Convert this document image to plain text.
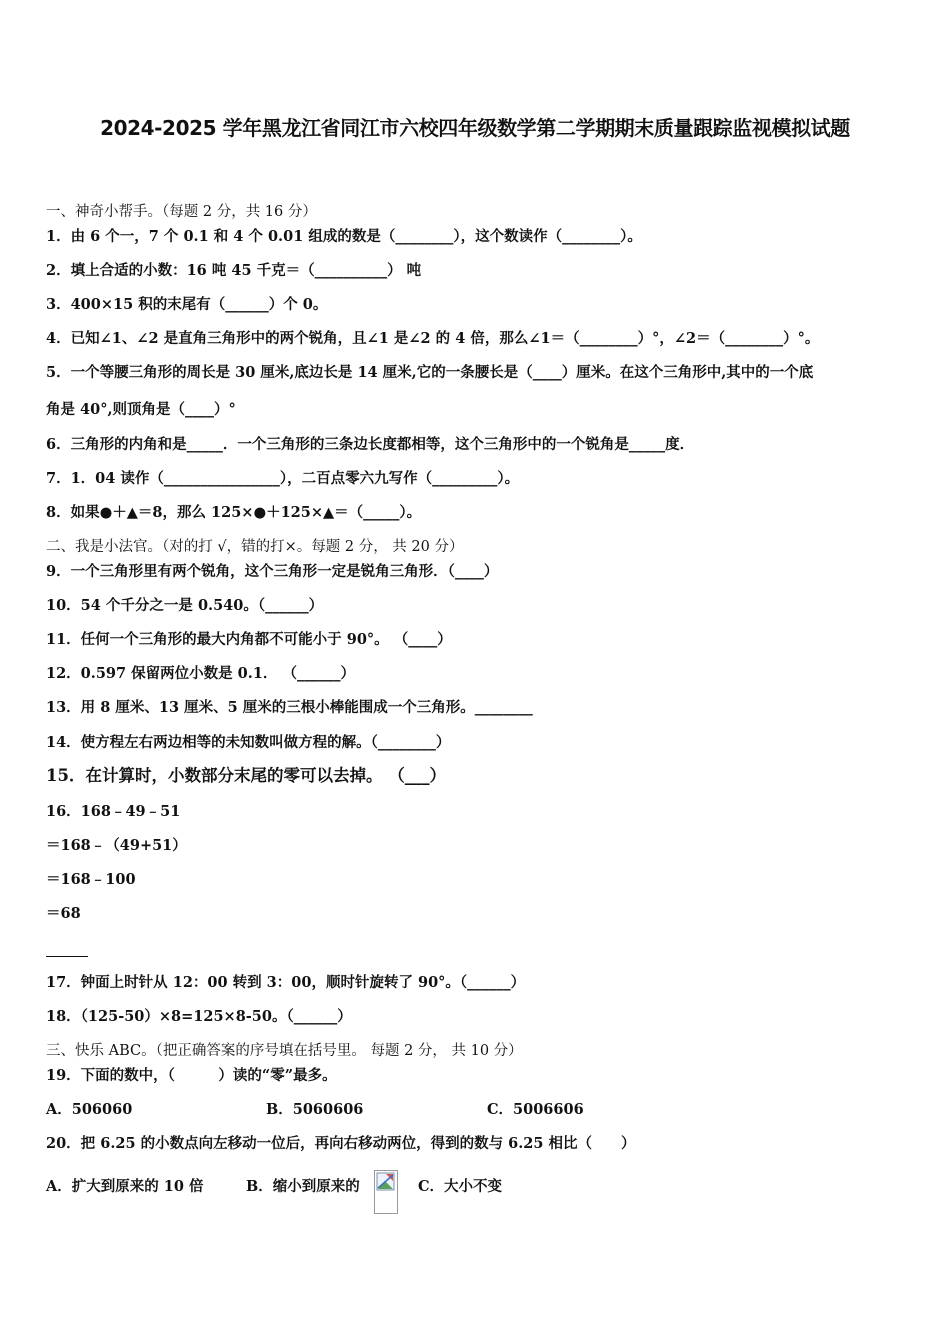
2024-2025 学年黑龙江省同江市六校四年级数学第二学期期末质量跟踪监视模拟试题
一、神奇小帮手。（每题 2 分，共 16 分）
1．由 6 个一，7 个 0.1 和 4 个 0.01 组成的数是（________），这个数读作（________）。
2．填上合适的小数：16 吨 45 千克＝（__________） 吨
3．400×15 积的末尾有（______）个 0。
4．已知∠1、∠2 是直角三角形中的两个锐角，且∠1 是∠2 的 4 倍，那么∠1＝（________）°，∠2＝（________）°。
5．一个等腰三角形的周长是 30 厘米,底边长是 14 厘米,它的一条腰长是（____）厘米。在这个三角形中,其中的一个底
角是 40°,则顶角是（____）°
6．三角形的内角和是_____．一个三角形的三条边长度都相等，这个三角形中的一个锐角是_____度．
7．1．04 读作（________________），二百点零六九写作（_________）。
8．如果●＋▲＝8，那么 125×●＋125×▲＝（_____）。
二、我是小法官。（对的打 √，错的打×。每题 2 分， 共 20 分）
9．一个三角形里有两个锐角，这个三角形一定是锐角三角形．（____）
10．54 个千分之一是 0.540。（______）
11．任何一个三角形的最大内角都不可能小于 90°。 （____）
12．0.597 保留两位小数是 0.1． （______）
13．用 8 厘米、13 厘米、5 厘米的三根小棒能围成一个三角形。________
14．使方程左右两边相等的未知数叫做方程的解。（________）
15．在计算时，小数部分末尾的零可以去掉。 （___）
16．168﹣49﹣51
＝168﹣（49+51）
＝168﹣100
＝68
17．钟面上时针从 12：00 转到 3：00，顺时针旋转了 90°。（______）
18．（125-50）×8=125×8-50。（______）
三、快乐 ABC。（把正确答案的序号填在括号里。 每题 2 分， 共 10 分）
19．下面的数中，（　　　）读的“零”最多。
A．506060	B．5060606	C．5006606
20．把 6.25 的小数点向左移动一位后，再向右移动两位，得到的数与 6.25 相比（　　）
A．扩大到原来的 10 倍	B．缩小到原来的	C．大小不变
